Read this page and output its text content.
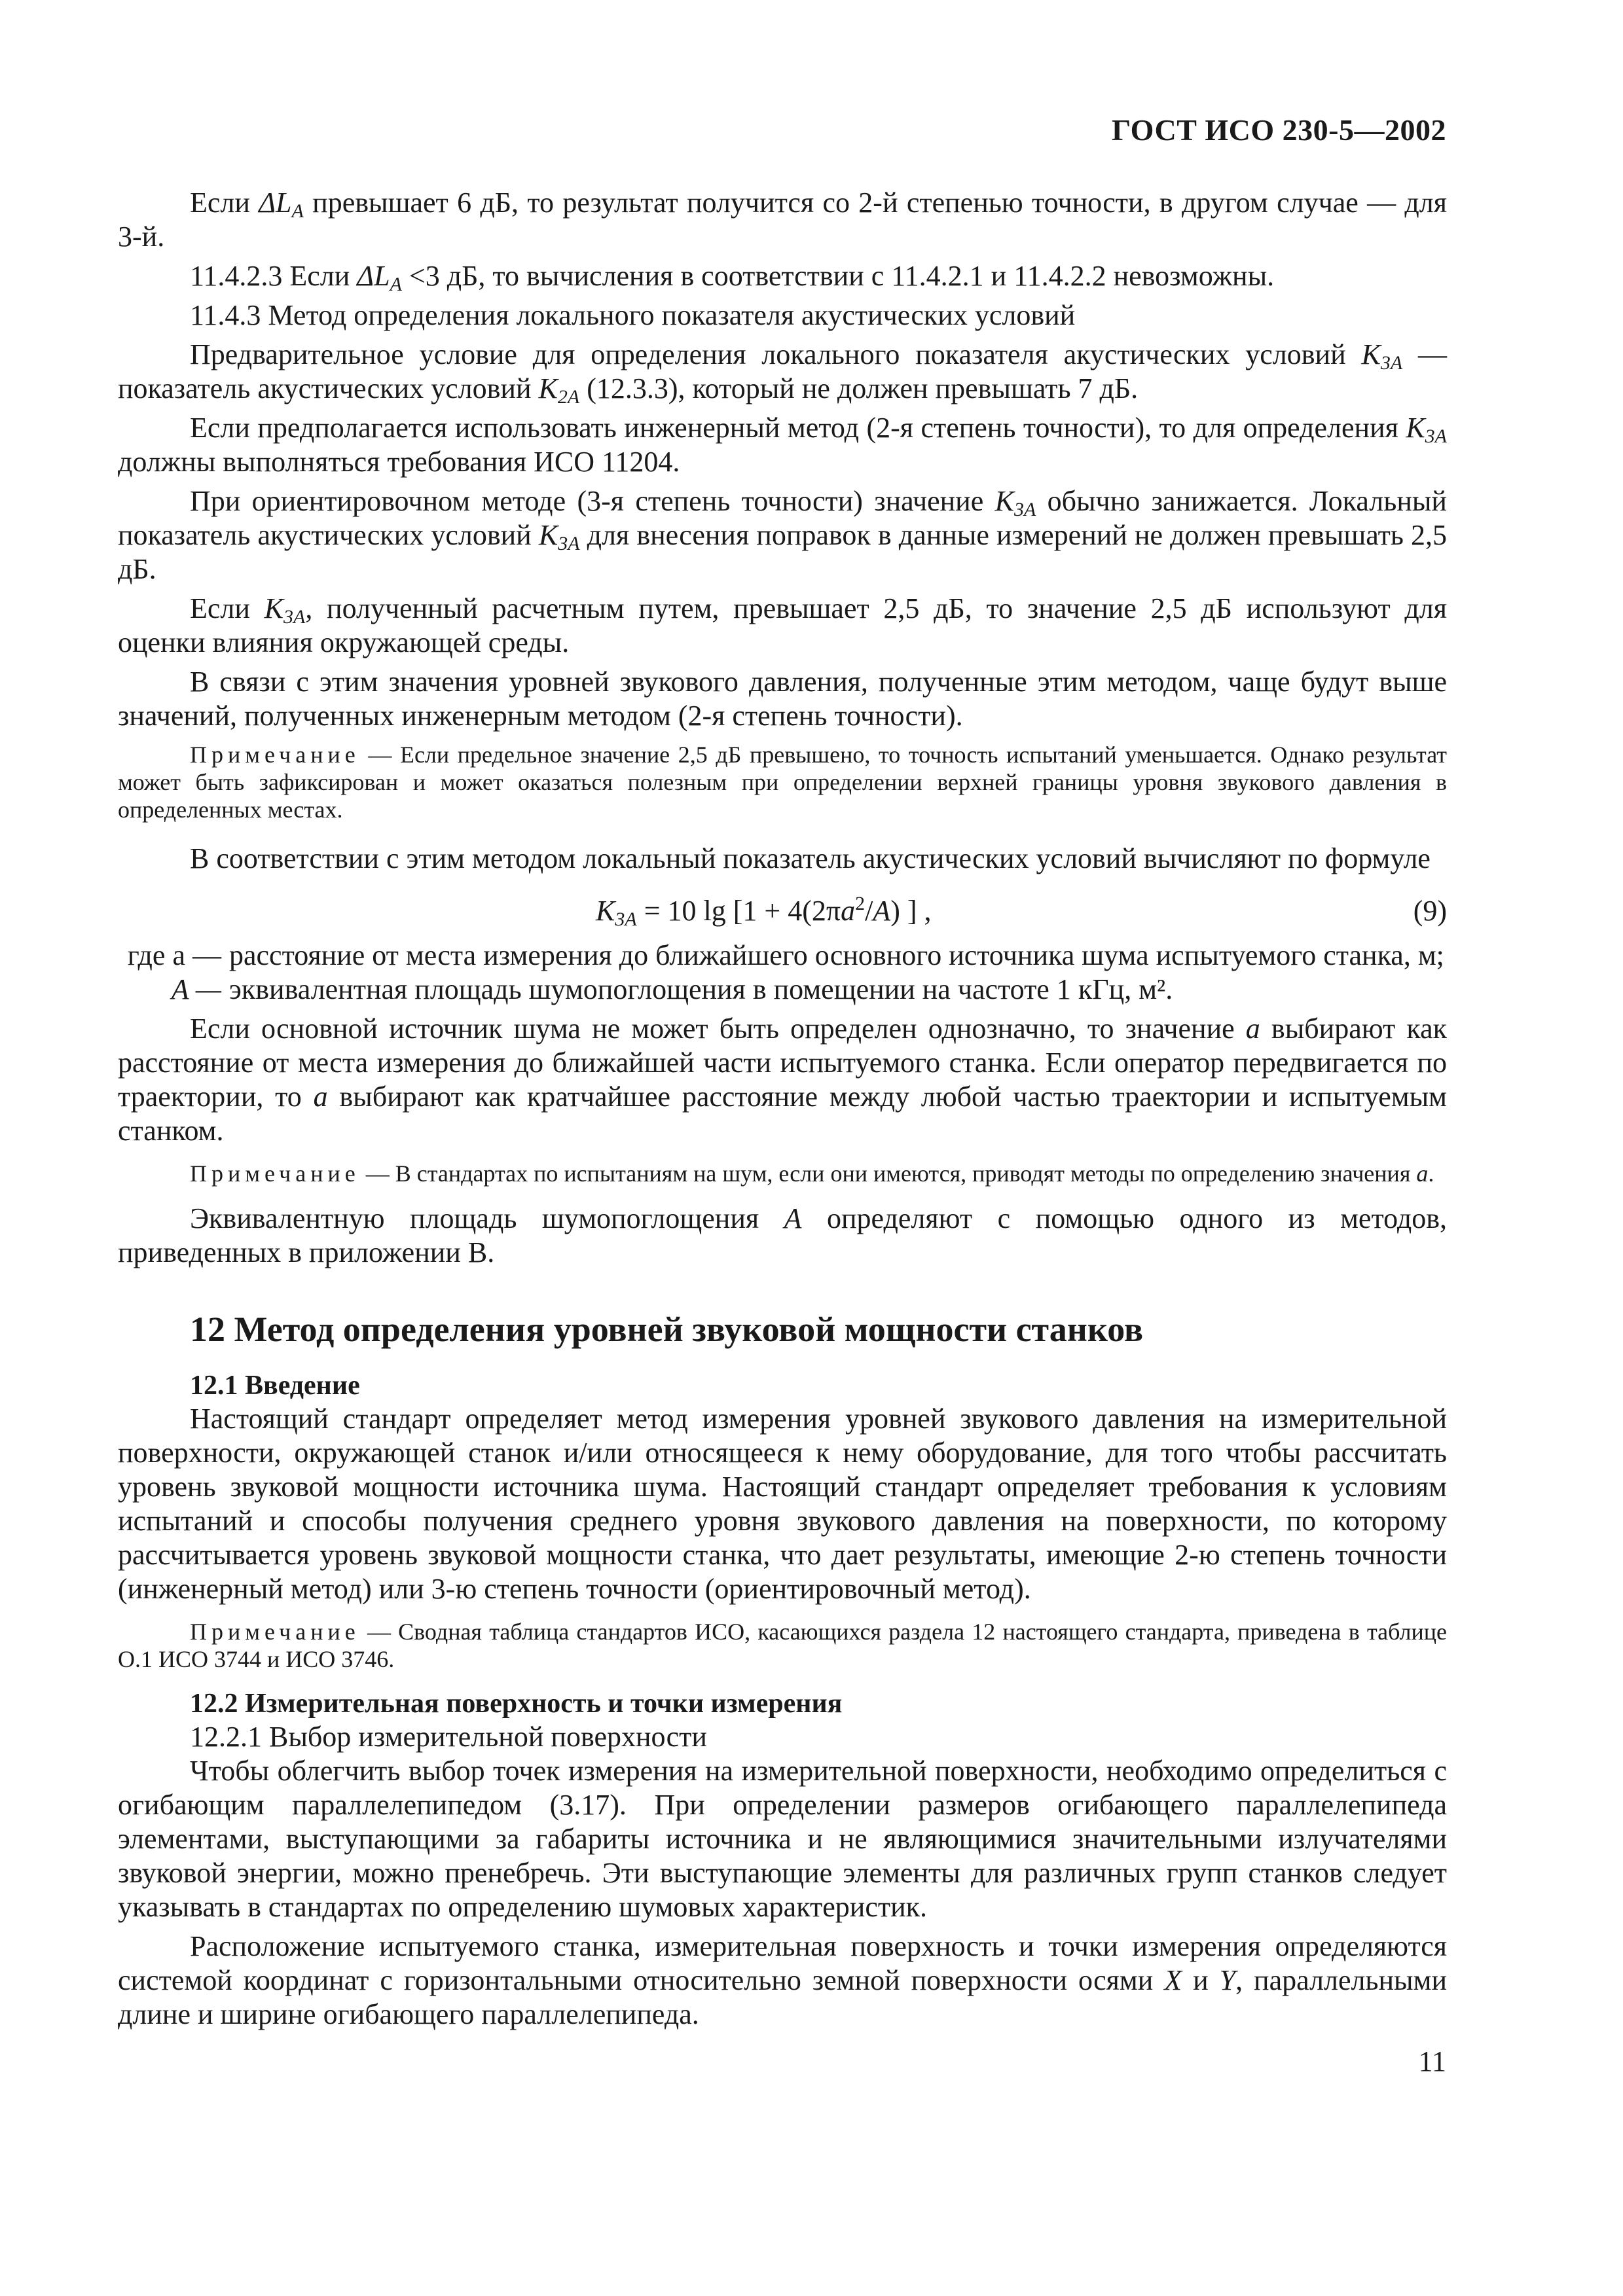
ГОСТ ИСО 230-5—2002

Если $\Delta L_A$ превышает 6 дБ, то результат получится со 2-й степенью точности, в другом случае — для 3-й.

11.4.2.3 Если $\Delta L_A <3$ дБ, то вычисления в соответствии с 11.4.2.1 и 11.4.2.2 невозможны.

11.4.3 Метод определения локального показателя акустических условий

Предварительное условие для определения локального показателя акустических условий $K_{3A}$ — показатель акустических условий $K_{2A}$ (12.3.3), который не должен превышать 7 дБ.

Если предполагается использовать инженерный метод (2-я степень точности), то для определения $K_{3A}$ должны выполняться требования ИСО 11204.

При ориентировочном методе (3-я степень точности) значение $K_{3A}$ обычно занижается. Локальный показатель акустических условий $K_{3A}$ для внесения поправок в данные измерений не должен превышать 2,5 дБ.

Если $K_{3A}$, полученный расчетным путем, превышает 2,5 дБ, то значение 2,5 дБ используют для оценки влияния окружающей среды.

В связи с этим значения уровней звукового давления, полученные этим методом, чаще будут выше значений, полученных инженерным методом (2-я степень точности).

Примечание — Если предельное значение 2,5 дБ превышено, то точность испытаний уменьшается. Однако результат может быть зафиксирован и может оказаться полезным при определении верхней границы уровня звукового давления в определенных местах.

В соответствии с этим методом локальный показатель акустических условий вычисляют по формуле

$K_{3A} = 10$ $\lg [1 + 4(2\pi a^2/A)$ ] ,	(9)
где a — расстояние от места измерения до ближайшего основного источника шума испытуемого станка, м;
A — эквивалентная площадь шумопоглощения в помещении на частоте 1 кГц, м².

Если основной источник шума не может быть определен однозначно, то значение a выбирают как расстояние от места измерения до ближайшей части испытуемого станка. Если оператор передвигается по траектории, то a выбирают как кратчайшее расстояние между любой частью траектории и испытуемым станком.

Примечание — В стандартах по испытаниям на шум, если они имеются, приводят методы по определению значения a.

Эквивалентную площадь шумопоглощения A определяют с помощью одного из методов, приведенных в приложении В.

12 Метод определения уровней звуковой мощности станков
12.1 Введение

Настоящий стандарт определяет метод измерения уровней звукового давления на измерительной поверхности, окружающей станок и/или относящееся к нему оборудование, для того чтобы рассчитать уровень звуковой мощности источника шума. Настоящий стандарт определяет требования к условиям испытаний и способы получения среднего уровня звукового давления на поверхности, по которому рассчитывается уровень звуковой мощности станка, что дает результаты, имеющие 2-ю степень точности (инженерный метод) или 3-ю степень точности (ориентировочный метод).

Примечание — Сводная таблица стандартов ИСО, касающихся раздела 12 настоящего стандарта, приведена в таблице О.1 ИСО 3744 и ИСО 3746.

12.2 Измерительная поверхность и точки измерения

12.2.1 Выбор измерительной поверхности

Чтобы облегчить выбор точек измерения на измерительной поверхности, необходимо определиться с огибающим параллелепипедом (3.17). При определении размеров огибающего параллелепипеда элементами, выступающими за габариты источника и не являющимися значительными излучателями звуковой энергии, можно пренебречь. Эти выступающие элементы для различных групп станков следует указывать в стандартах по определению шумовых характеристик.

Расположение испытуемого станка, измерительная поверхность и точки измерения определяются системой координат с горизонтальными относительно земной поверхности осями X и Y, параллельными длине и ширине огибающего параллелепипеда.

11
